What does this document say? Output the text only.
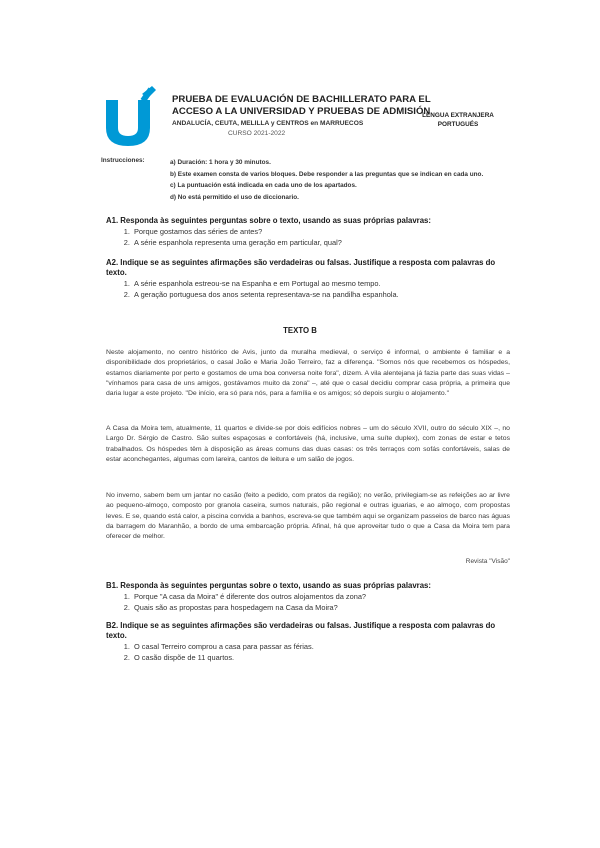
PRUEBA DE EVALUACIÓN DE BACHILLERATO PARA EL
ACCESO A LA UNIVERSIDAD Y PRUEBAS DE ADMISIÓN
ANDALUCÍA, CEUTA, MELILLA y CENTROS en MARRUECOS
CURSO 2021-2022
LENGUA EXTRANJERA
PORTUGUÉS
Instrucciones:	a) Duración: 1 hora y 30 minutos.
b) Este examen consta de varios bloques. Debe responder a las preguntas que se indican en cada uno.
c) La puntuación está indicada en cada uno de los apartados.
d) No está permitido el uso de diccionario.
A1. Responda às seguintes perguntas sobre o texto, usando as suas próprias palavras:
1. Porque gostamos das séries de antes?
2. A série espanhola representa uma geração em particular, qual?
A2. Indique se as seguintes afirmações são verdadeiras ou falsas. Justifique a resposta com palavras do texto.
1. A série espanhola estreou-se na Espanha e em Portugal ao mesmo tempo.
2. A geração portuguesa dos anos setenta representava-se na pandilha espanhola.
TEXTO B
Neste alojamento, no centro histórico de Avis, junto da muralha medieval, o serviço é informal, o ambiente é familiar e a disponibilidade dos proprietários, o casal João e Maria João Terreiro, faz a diferença. "Somos nós que recebemos os hóspedes, estamos diariamente por perto e gostamos de uma boa conversa noite fora", dizem. A vila alentejana já fazia parte das suas vidas – "vínhamos para casa de uns amigos, gostávamos muito da zona" –, até que o casal decidiu comprar casa própria, a primeira que daria lugar a este projeto. "De início, era só para nós, para a família e os amigos; só depois surgiu o alojamento."
A Casa da Moira tem, atualmente, 11 quartos e divide-se por dois edifícios nobres – um do século XVII, outro do século XIX –, no Largo Dr. Sérgio de Castro. São suítes espaçosas e confortáveis (há, inclusive, uma suíte duplex), com zonas de estar e tetos trabalhados. Os hóspedes têm à disposição as áreas comuns das duas casas: os três terraços com sofás confortáveis, salas de estar aconchegantes, algumas com lareira, cantos de leitura e um salão de jogos.
No inverno, sabem bem um jantar no casão (feito a pedido, com pratos da região); no verão, privilegiam-se as refeições ao ar livre ao pequeno-almoço, composto por granola caseira, sumos naturais, pão regional e outras iguarias, e ao almoço, com propostas leves. E se, quando está calor, a piscina convida a banhos, escreva-se que também aqui se organizam passeios de barco nas águas da barragem do Maranhão, a bordo de uma embarcação própria. Afinal, há que aproveitar tudo o que a Casa da Moira tem para oferecer de melhor.
Revista "Visão"
B1. Responda às seguintes perguntas sobre o texto, usando as suas próprias palavras:
1. Porque "A casa da Moira" é diferente dos outros alojamentos da zona?
2. Quais são as propostas para hospedagem na Casa da Moira?
B2. Indique se as seguintes afirmações são verdadeiras ou falsas. Justifique a resposta com palavras do texto.
1. O casal Terreiro comprou a casa para passar as férias.
2. O casão dispõe de 11 quartos.
